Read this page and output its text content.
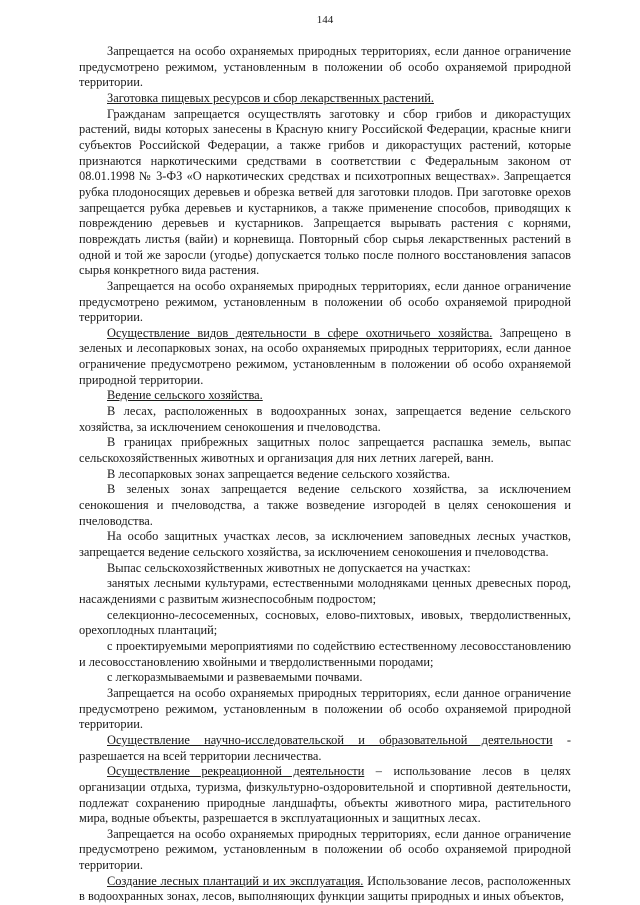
144

Запрещается на особо охраняемых природных территориях, если данное ограничение предусмотрено режимом, установленным в положении об особо охраняемой природной территории.

Заготовка пищевых ресурсов и сбор лекарственных растений.

Гражданам запрещается осуществлять заготовку и сбор грибов и дикорастущих растений, виды которых занесены в Красную книгу Российской Федерации, красные книги субъектов Российской Федерации, а также грибов и дикорастущих растений, которые признаются наркотическими средствами в соответствии с Федеральным законом от 08.01.1998 № 3-ФЗ «О наркотических средствах и психотропных веществах». Запрещается рубка плодоносящих деревьев и обрезка ветвей для заготовки плодов. При заготовке орехов запрещается рубка деревьев и кустарников, а также применение способов, приводящих к повреждению деревьев и кустарников. Запрещается вырывать растения с корнями, повреждать листья (вайи) и корневища. Повторный сбор сырья лекарственных растений в одной и той же заросли (угодье) допускается только после полного восстановления запасов сырья конкретного вида растения.

Запрещается на особо охраняемых природных территориях, если данное ограничение предусмотрено режимом, установленным в положении об особо охраняемой природной территории.

Осуществление видов деятельности в сфере охотничьего хозяйства. Запрещено в зеленых и лесопарковых зонах, на особо охраняемых природных территориях, если данное ограничение предусмотрено режимом, установленным в положении об особо охраняемой природной территории.

Ведение сельского хозяйства.

В лесах, расположенных в водоохранных зонах, запрещается ведение сельского хозяйства, за исключением сенокошения и пчеловодства.

В границах прибрежных защитных полос запрещается распашка земель, выпас сельскохозяйственных животных и организация для них летних лагерей, ванн.

В лесопарковых зонах запрещается ведение сельского хозяйства.

В зеленых зонах запрещается ведение сельского хозяйства, за исключением сенокошения и пчеловодства, а также возведение изгородей в целях сенокошения и пчеловодства.

На особо защитных участках лесов, за исключением заповедных лесных участков, запрещается ведение сельского хозяйства, за исключением сенокошения и пчеловодства.

Выпас сельскохозяйственных животных не допускается на участках:

занятых лесными культурами, естественными молодняками ценных древесных пород, насаждениями с развитым жизнеспособным подростом;

селекционно-лесосеменных, сосновых, елово-пихтовых, ивовых, твердолиственных, орехоплодных плантаций;

с проектируемыми мероприятиями по содействию естественному лесовосстановлению и лесовосстановлению хвойными и твердолиственными породами;

с легкоразмываемыми и развеваемыми почвами.

Запрещается на особо охраняемых природных территориях, если данное ограничение предусмотрено режимом, установленным в положении об особо охраняемой природной территории.

Осуществление научно-исследовательской и образовательной деятельности - разрешается на всей территории лесничества.

Осуществление рекреационной деятельности – использование лесов в целях организации отдыха, туризма, физкультурно-оздоровительной и спортивной деятельности, подлежат сохранению природные ландшафты, объекты животного мира, растительного мира, водные объекты, разрешается в эксплуатационных и защитных лесах.

Запрещается на особо охраняемых природных территориях, если данное ограничение предусмотрено режимом, установленным в положении об особо охраняемой природной территории.

Создание лесных плантаций и их эксплуатация. Использование лесов, расположенных в водоохранных зонах, лесов, выполняющих функции защиты природных и иных объектов,
